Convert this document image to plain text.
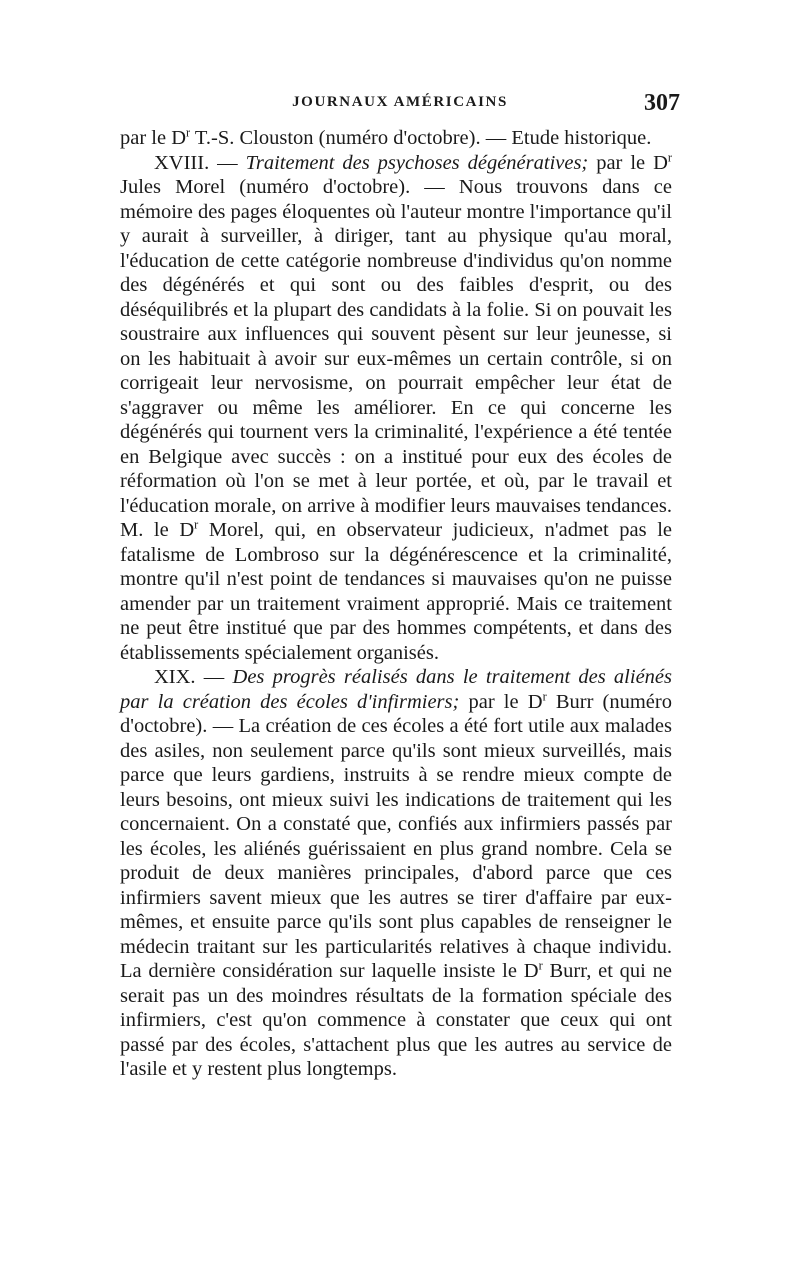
JOURNAUX AMÉRICAINS	307

par le $D^r$ T.-S. Clouston (numéro d'octobre). — Etude historique.

XVIII. — Traitement des psychoses dégénératives; par le $D^r$ Jules Morel (numéro d'octobre). — Nous trouvons dans ce mémoire des pages éloquentes où l'auteur montre l'importance qu'il y aurait à surveiller, à diriger, tant au physique qu'au moral, l'éducation de cette catégorie nombreuse d'individus qu'on nomme des dégénérés et qui sont ou des faibles d'esprit, ou des déséquilibrés et la plupart des candidats à la folie. Si on pouvait les soustraire aux influences qui souvent pèsent sur leur jeunesse, si on les habituait à avoir sur eux-mêmes un certain contrôle, si on corrigeait leur nervosisme, on pourrait empêcher leur état de s'aggraver ou même les améliorer. En ce qui concerne les dégénérés qui tournent vers la criminalité, l'expérience a été tentée en Belgique avec succès : on a institué pour eux des écoles de réformation où l'on se met à leur portée, et où, par le travail et l'éducation morale, on arrive à modifier leurs mauvaises tendances. M. le $D^r$ Morel, qui, en observateur judicieux, n'admet pas le fatalisme de Lombroso sur la dégénérescence et la criminalité, montre qu'il n'est point de tendances si mauvaises qu'on ne puisse amender par un traitement vraiment approprié. Mais ce traitement ne peut être institué que par des hommes compétents, et dans des établissements spécialement organisés.

XIX. — Des progrès réalisés dans le traitement des aliénés par la création des écoles d'infirmiers; par le $D^r$ Burr (numéro d'octobre). — La création de ces écoles a été fort utile aux malades des asiles, non seulement parce qu'ils sont mieux surveillés, mais parce que leurs gardiens, instruits à se rendre mieux compte de leurs besoins, ont mieux suivi les indications de traitement qui les concernaient. On a constaté que, confiés aux infirmiers passés par les écoles, les aliénés guérissaient en plus grand nombre. Cela se produit de deux manières principales, d'abord parce que ces infirmiers savent mieux que les autres se tirer d'affaire par eux-mêmes, et ensuite parce qu'ils sont plus capables de renseigner le médecin traitant sur les particularités relatives à chaque individu. La dernière considération sur laquelle insiste le $D^r$ Burr, et qui ne serait pas un des moindres résultats de la formation spéciale des infirmiers, c'est qu'on commence à constater que ceux qui ont passé par des écoles, s'attachent plus que les autres au service de l'asile et y restent plus longtemps.
